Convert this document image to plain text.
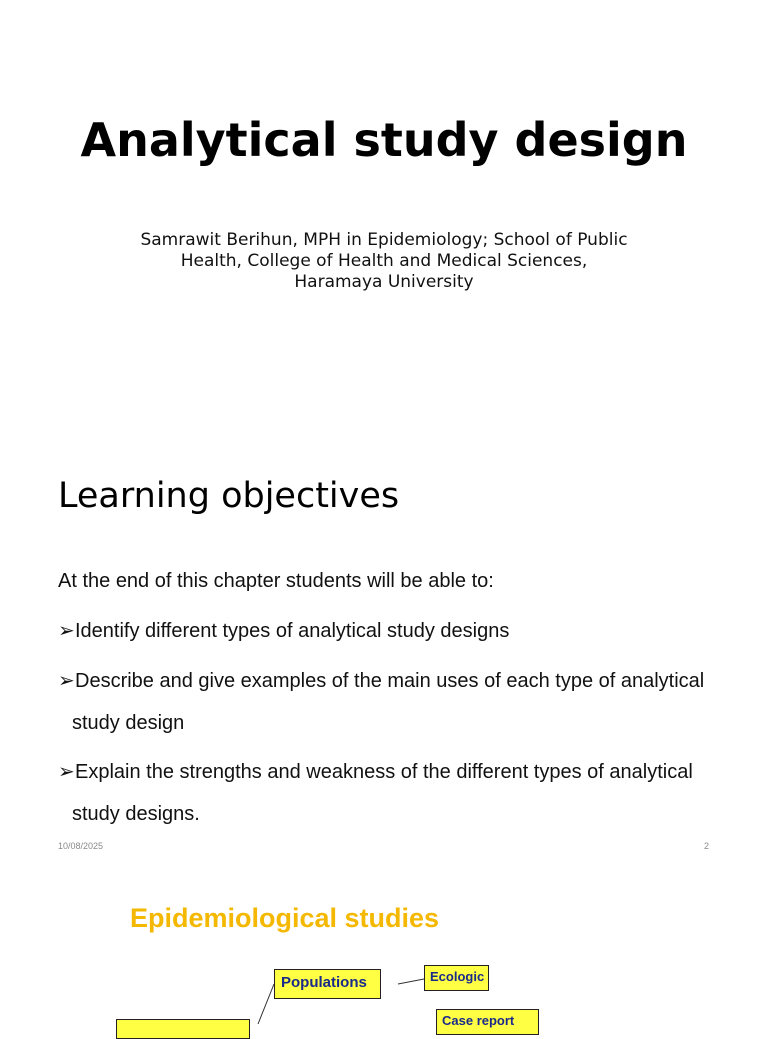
Analytical study design
Samrawit Berihun, MPH in Epidemiology; School of Public
Health, College of Health and Medical Sciences,
Haramaya University
Learning objectives
At the end of this chapter students will be able to:
➢Identify different types of analytical study designs
➢Describe and give examples of the main uses of each type of analytical
study design
➢Explain the strengths and weakness of the different types of analytical
study designs.
10/08/2025	2
Epidemiological studies
Populations	Ecologic
Case report
